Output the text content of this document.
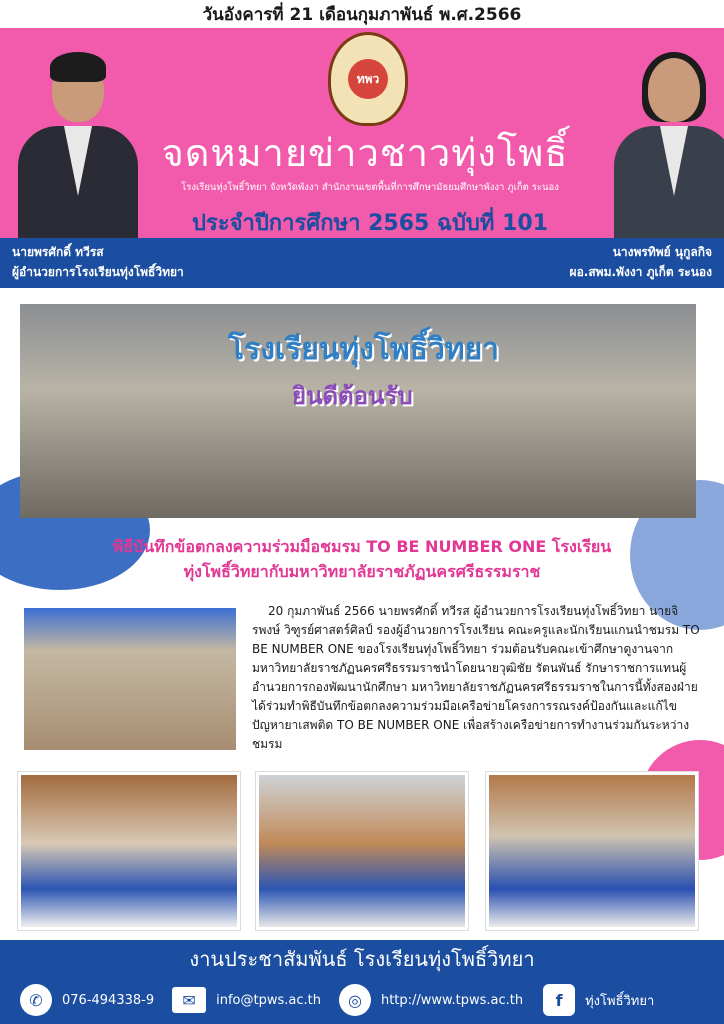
วันอังคารที่ 21 เดือนกุมภาพันธ์ พ.ศ.2566
ทพว
จดหมายข่าวชาวทุ่งโพธิ์
โรงเรียนทุ่งโพธิ์วิทยา จังหวัดพังงา สำนักงานเขตพื้นที่การศึกษามัธยมศึกษาพังงา ภูเก็ต ระนอง
ประจำปีการศึกษา 2565 ฉบับที่ 101
นายพรศักดิ์ ทวีรส
ผู้อำนวยการโรงเรียนทุ่งโพธิ์วิทยา
นางพรทิพย์ นุกูลกิจ
ผอ.สพม.พังงา ภูเก็ต ระนอง
โรงเรียนทุ่งโพธิ์วิทยา
ยินดีต้อนรับ
พิธีบันทึกข้อตกลงความร่วมมือชมรม TO BE NUMBER ONE โรงเรียน
ทุ่งโพธิ์วิทยากับมหาวิทยาลัยราชภัฏนครศรีธรรมราช
20 กุมภาพันธ์ 2566 นายพรศักดิ์ ทวีรส ผู้อำนวยการโรงเรียนทุ่งโพธิ์วิทยา นายจิรพงษ์ วิฑูรย์ศาสตร์ศิลป์ รองผู้อำนวยการโรงเรียน คณะครูและนักเรียนแกนนำชมรม TO BE NUMBER ONE ของโรงเรียนทุ่งโพธิ์วิทยา ร่วมต้อนรับคณะเข้าศึกษาดูงานจากมหาวิทยาลัยราชภัฏนครศรีธรรมราชนำโดยนายวุฒิชัย รัตนพันธ์ รักษาราชการแทนผู้อำนวยการกองพัฒนานักศึกษา มหาวิทยาลัยราชภัฏนครศรีธรรมราชในการนี้ทั้งสองฝ่ายได้ร่วมทำพิธีบันทึกข้อตกลงความร่วมมือเครือข่ายโครงการรณรงค์ป้องกันและแก้ไขปัญหายาเสพติด TO BE NUMBER ONE เพื่อสร้างเครือข่ายการทำงานร่วมกันระหว่างชมรม
งานประชาสัมพันธ์ โรงเรียนทุ่งโพธิ์วิทยา
✆	076-494338-9	✉	info@tpws.ac.th	◎	http://www.tpws.ac.th	f	ทุ่งโพธิ์วิทยา
